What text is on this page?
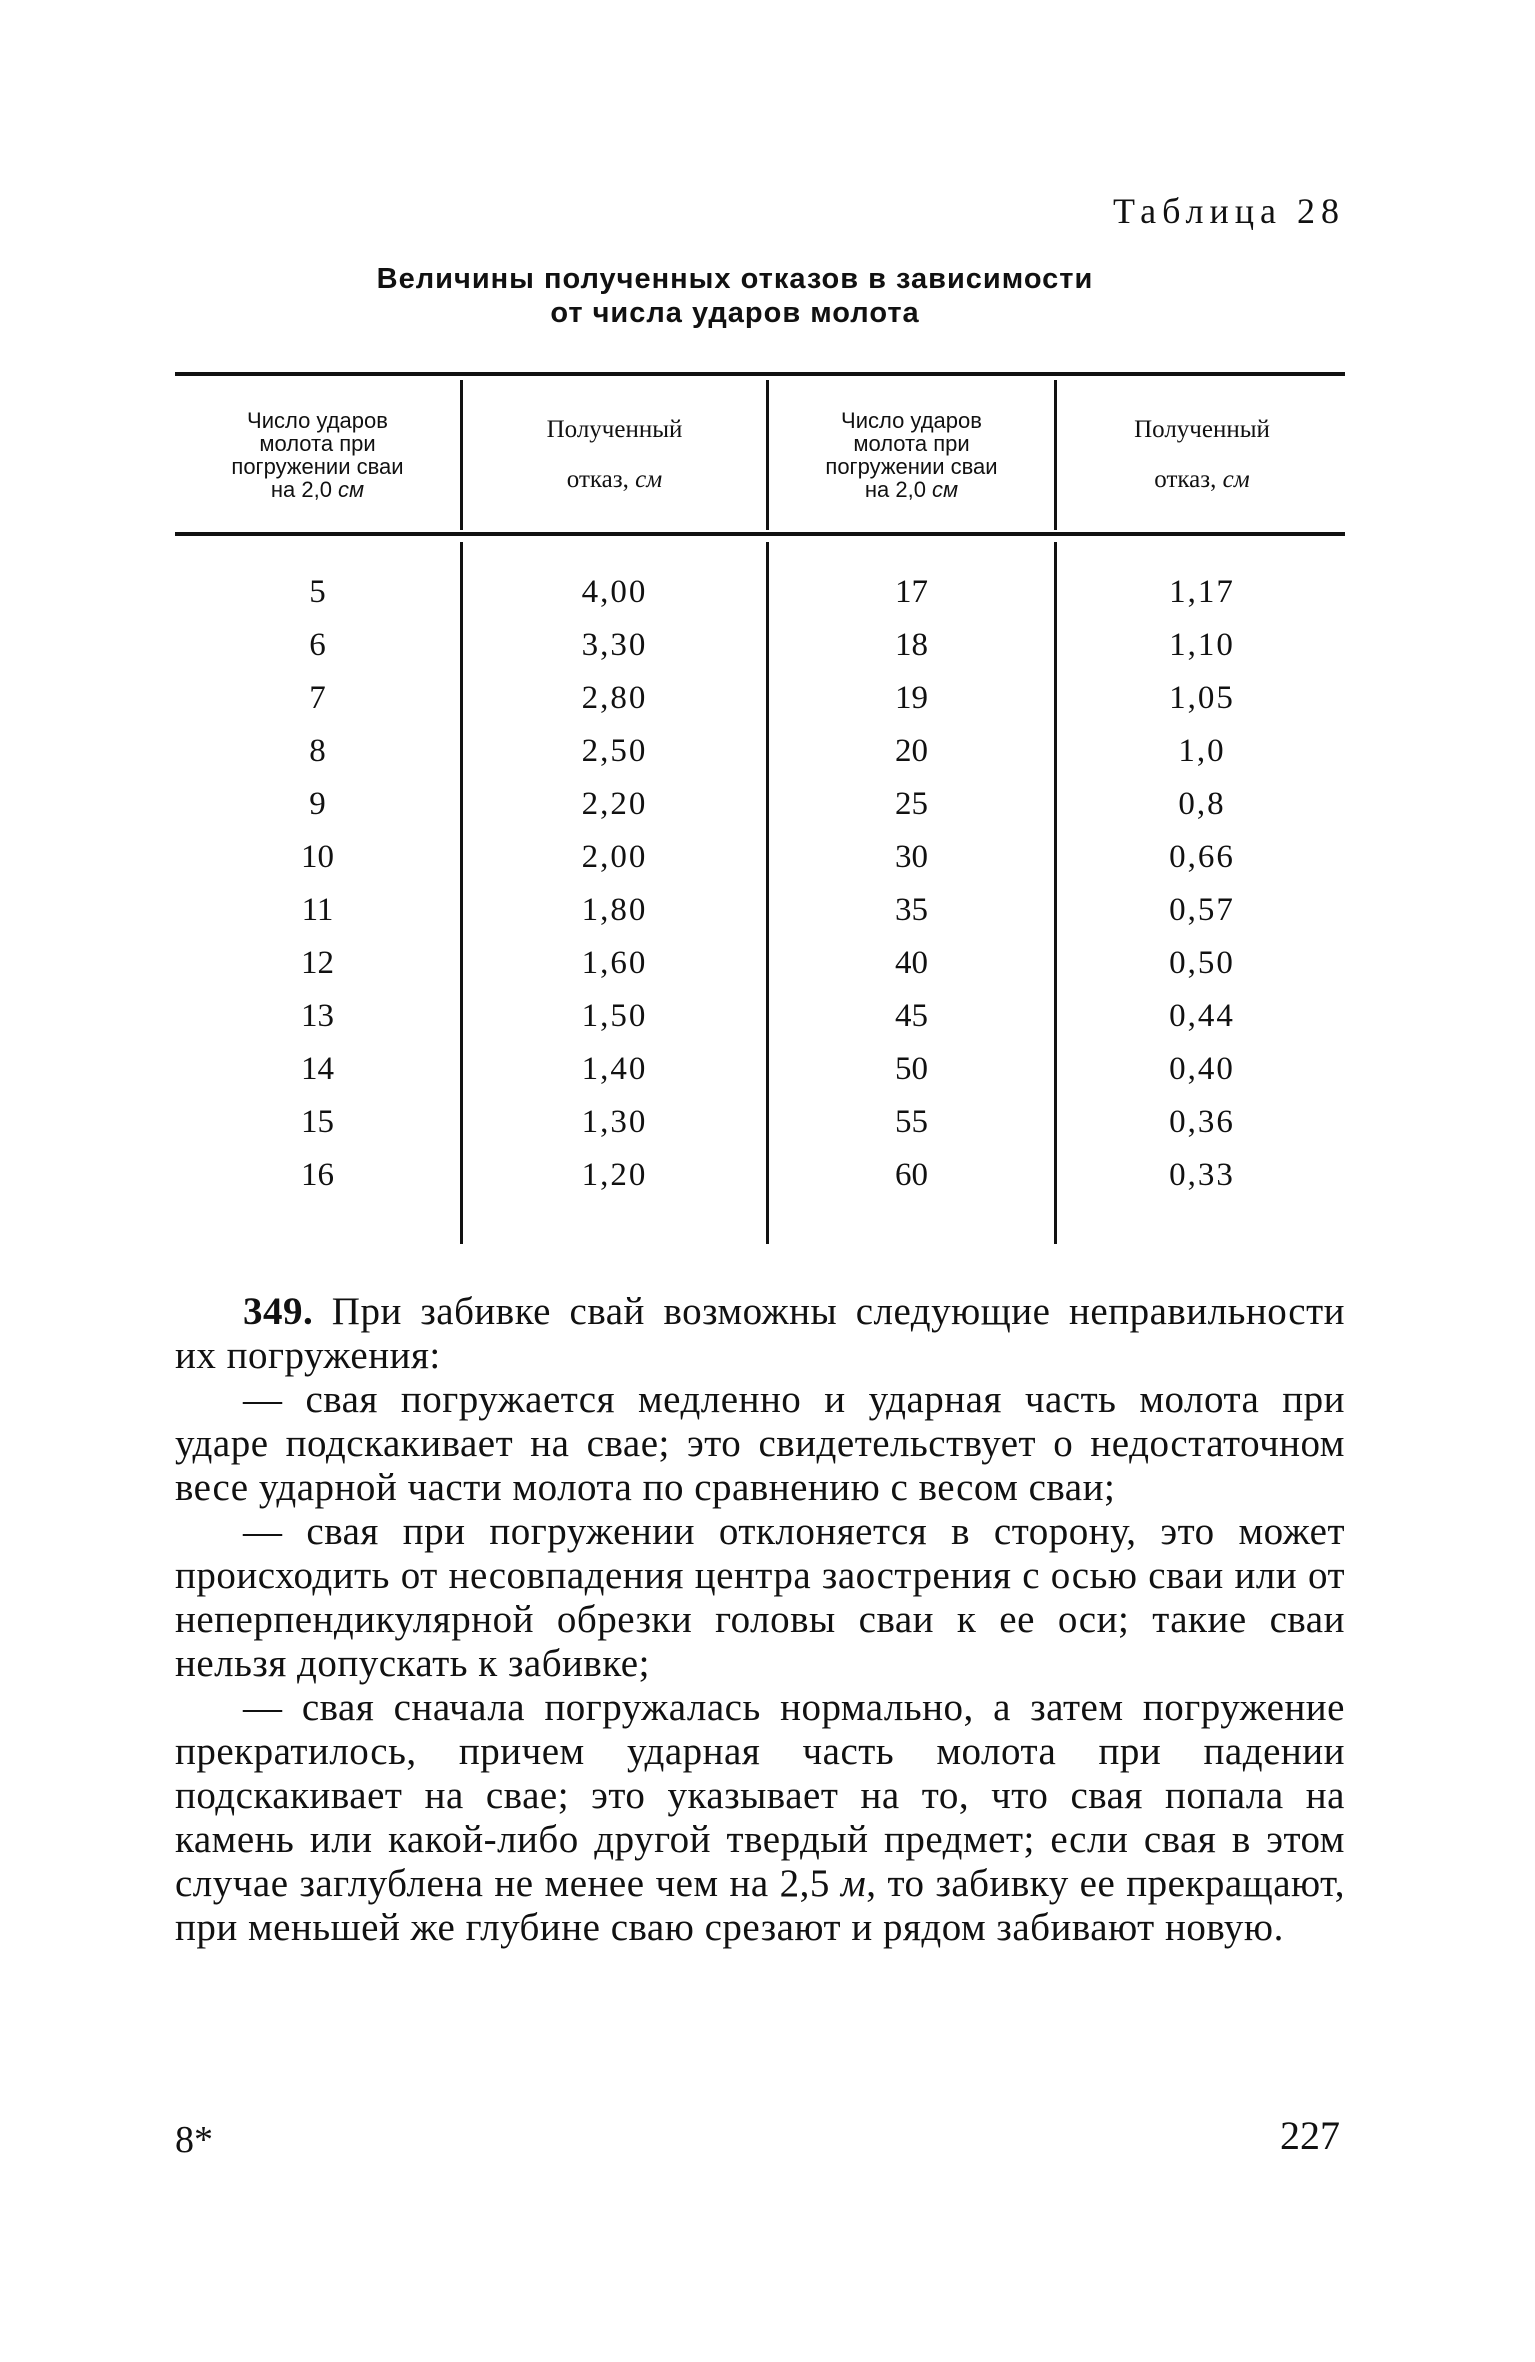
Таблица 28
Величины полученных отказов в зависимости
от числа ударов молота
Число ударов
молота при
погружении сваи
на 2,0 см
Полученный
отказ, см
Число ударов
молота при
погружении сваи
на 2,0 см
Полученный
отказ, см
5
6
7
8
9
10
11
12
13
14
15
16
4,00
3,30
2,80
2,50
2,20
2,00
1,80
1,60
1,50
1,40
1,30
1,20
17
18
19
20
25
30
35
40
45
50
55
60
1,17
1,10
1,05
1,0
0,8
0,66
0,57
0,50
0,44
0,40
0,36
0,33

349. При забивке свай возможны следующие неправильности их погружения:

— свая погружается медленно и ударная часть молота при ударе подскакивает на свае; это свидетельствует о недостаточном весе ударной части молота по сравнению с весом сваи;

— свая при погружении отклоняется в сторону, это может происходить от несовпадения центра заострения с осью сваи или от неперпендикулярной обрезки головы сваи к ее оси; такие сваи нельзя допускать к забивке;

— свая сначала погружалась нормально, а затем погружение прекратилось, причем ударная часть молота при падении подскакивает на свае; это указывает на то, что свая попала на камень или какой-либо другой твердый предмет; если свая в этом случае заглублена не менее чем на 2,5 м, то забивку ее прекращают, при меньшей же глубине сваю срезают и рядом забивают новую.

8*	227
